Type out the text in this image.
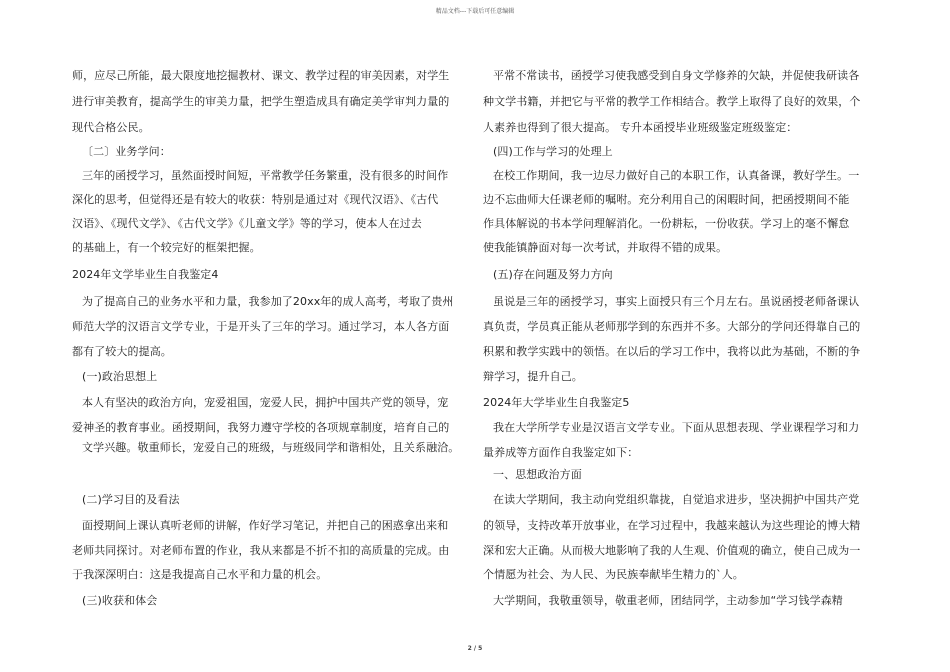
精品文档---下载后可任意编辑
师，应尽己所能，最大限度地挖掘教材、课文、教学过程的审美因素，对学生
进行审美教育，提高学生的审美力量，把学生塑造成具有确定美学审判力量的
现代合格公民。
〔二〕业务学问：
三年的函授学习，虽然面授时间短，平常教学任务繁重，没有很多的时间作
深化的思考，但觉得还是有较大的收获：特别是通过对《现代汉语》、《古代
汉语》、《现代文学》、《古代文学》《儿童文学》等的学习，使本人在过去
的基础上，有一个较完好的框架把握。
2024年文学毕业生自我鉴定4
为了提高自己的业务水平和力量，我参加了20xx年的成人高考，考取了贵州
师范大学的汉语言文学专业，于是开头了三年的学习。通过学习，本人各方面
都有了较大的提高。
(一)政治思想上
本人有坚决的政治方向，宠爱祖国，宠爱人民，拥护中国共产党的领导，宠
爱神圣的教育事业。函授期间，我努力遵守学校的各项规章制度，培育自己的
文学兴趣。敬重师长，宠爱自己的班级，与班级同学和谐相处，且关系融洽。
(二)学习目的及看法
面授期间上课认真听老师的讲解，作好学习笔记，并把自己的困惑拿出来和
老师共同探讨。对老师布置的作业，我从来都是不折不扣的高质量的完成。由
于我深深明白：这是我提高自己水平和力量的机会。
(三)收获和体会
平常不常读书，函授学习使我感受到自身文学修养的欠缺，并促使我研读各
种文学书籍，并把它与平常的教学工作相结合。教学上取得了良好的效果，个
人素养也得到了很大提高。 专升本函授毕业班级鉴定班级鉴定：
(四)工作与学习的处理上
在校工作期间，我一边尽力做好自己的本职工作，认真备课，教好学生。一
边不忘曲师大任课老师的嘱咐。充分利用自己的闲暇时间，把函授期间不能
作具体解说的书本学问理解消化。一份耕耘，一份收获。学习上的毫不懈怠
使我能镇静面对每一次考试，并取得不错的成果。
(五)存在问题及努力方向
虽说是三年的函授学习，事实上面授只有三个月左右。虽说函授老师备课认
真负责，学员真正能从老师那学到的东西并不多。大部分的学问还得靠自己的
积累和教学实践中的领悟。在以后的学习工作中，我将以此为基础，不断的争
辩学习，提升自己。
2024年大学毕业生自我鉴定5
我在大学所学专业是汉语言文学专业。下面从思想表现、学业课程学习和力
量养成等方面作自我鉴定如下：
一、思想政治方面
在读大学期间，我主动向党组织靠拢，自觉追求进步，坚决拥护中国共产党
的领导，支持改革开放事业，在学习过程中，我越来越认为这些理论的博大精
深和宏大正确。从而极大地影响了我的人生观、价值观的确立，使自己成为一
个情愿为社会、为人民、为民族奉献毕生精力的`人。
大学期间，我敬重领导，敬重老师，团结同学，主动参加“学习钱学森精
2 / 5
